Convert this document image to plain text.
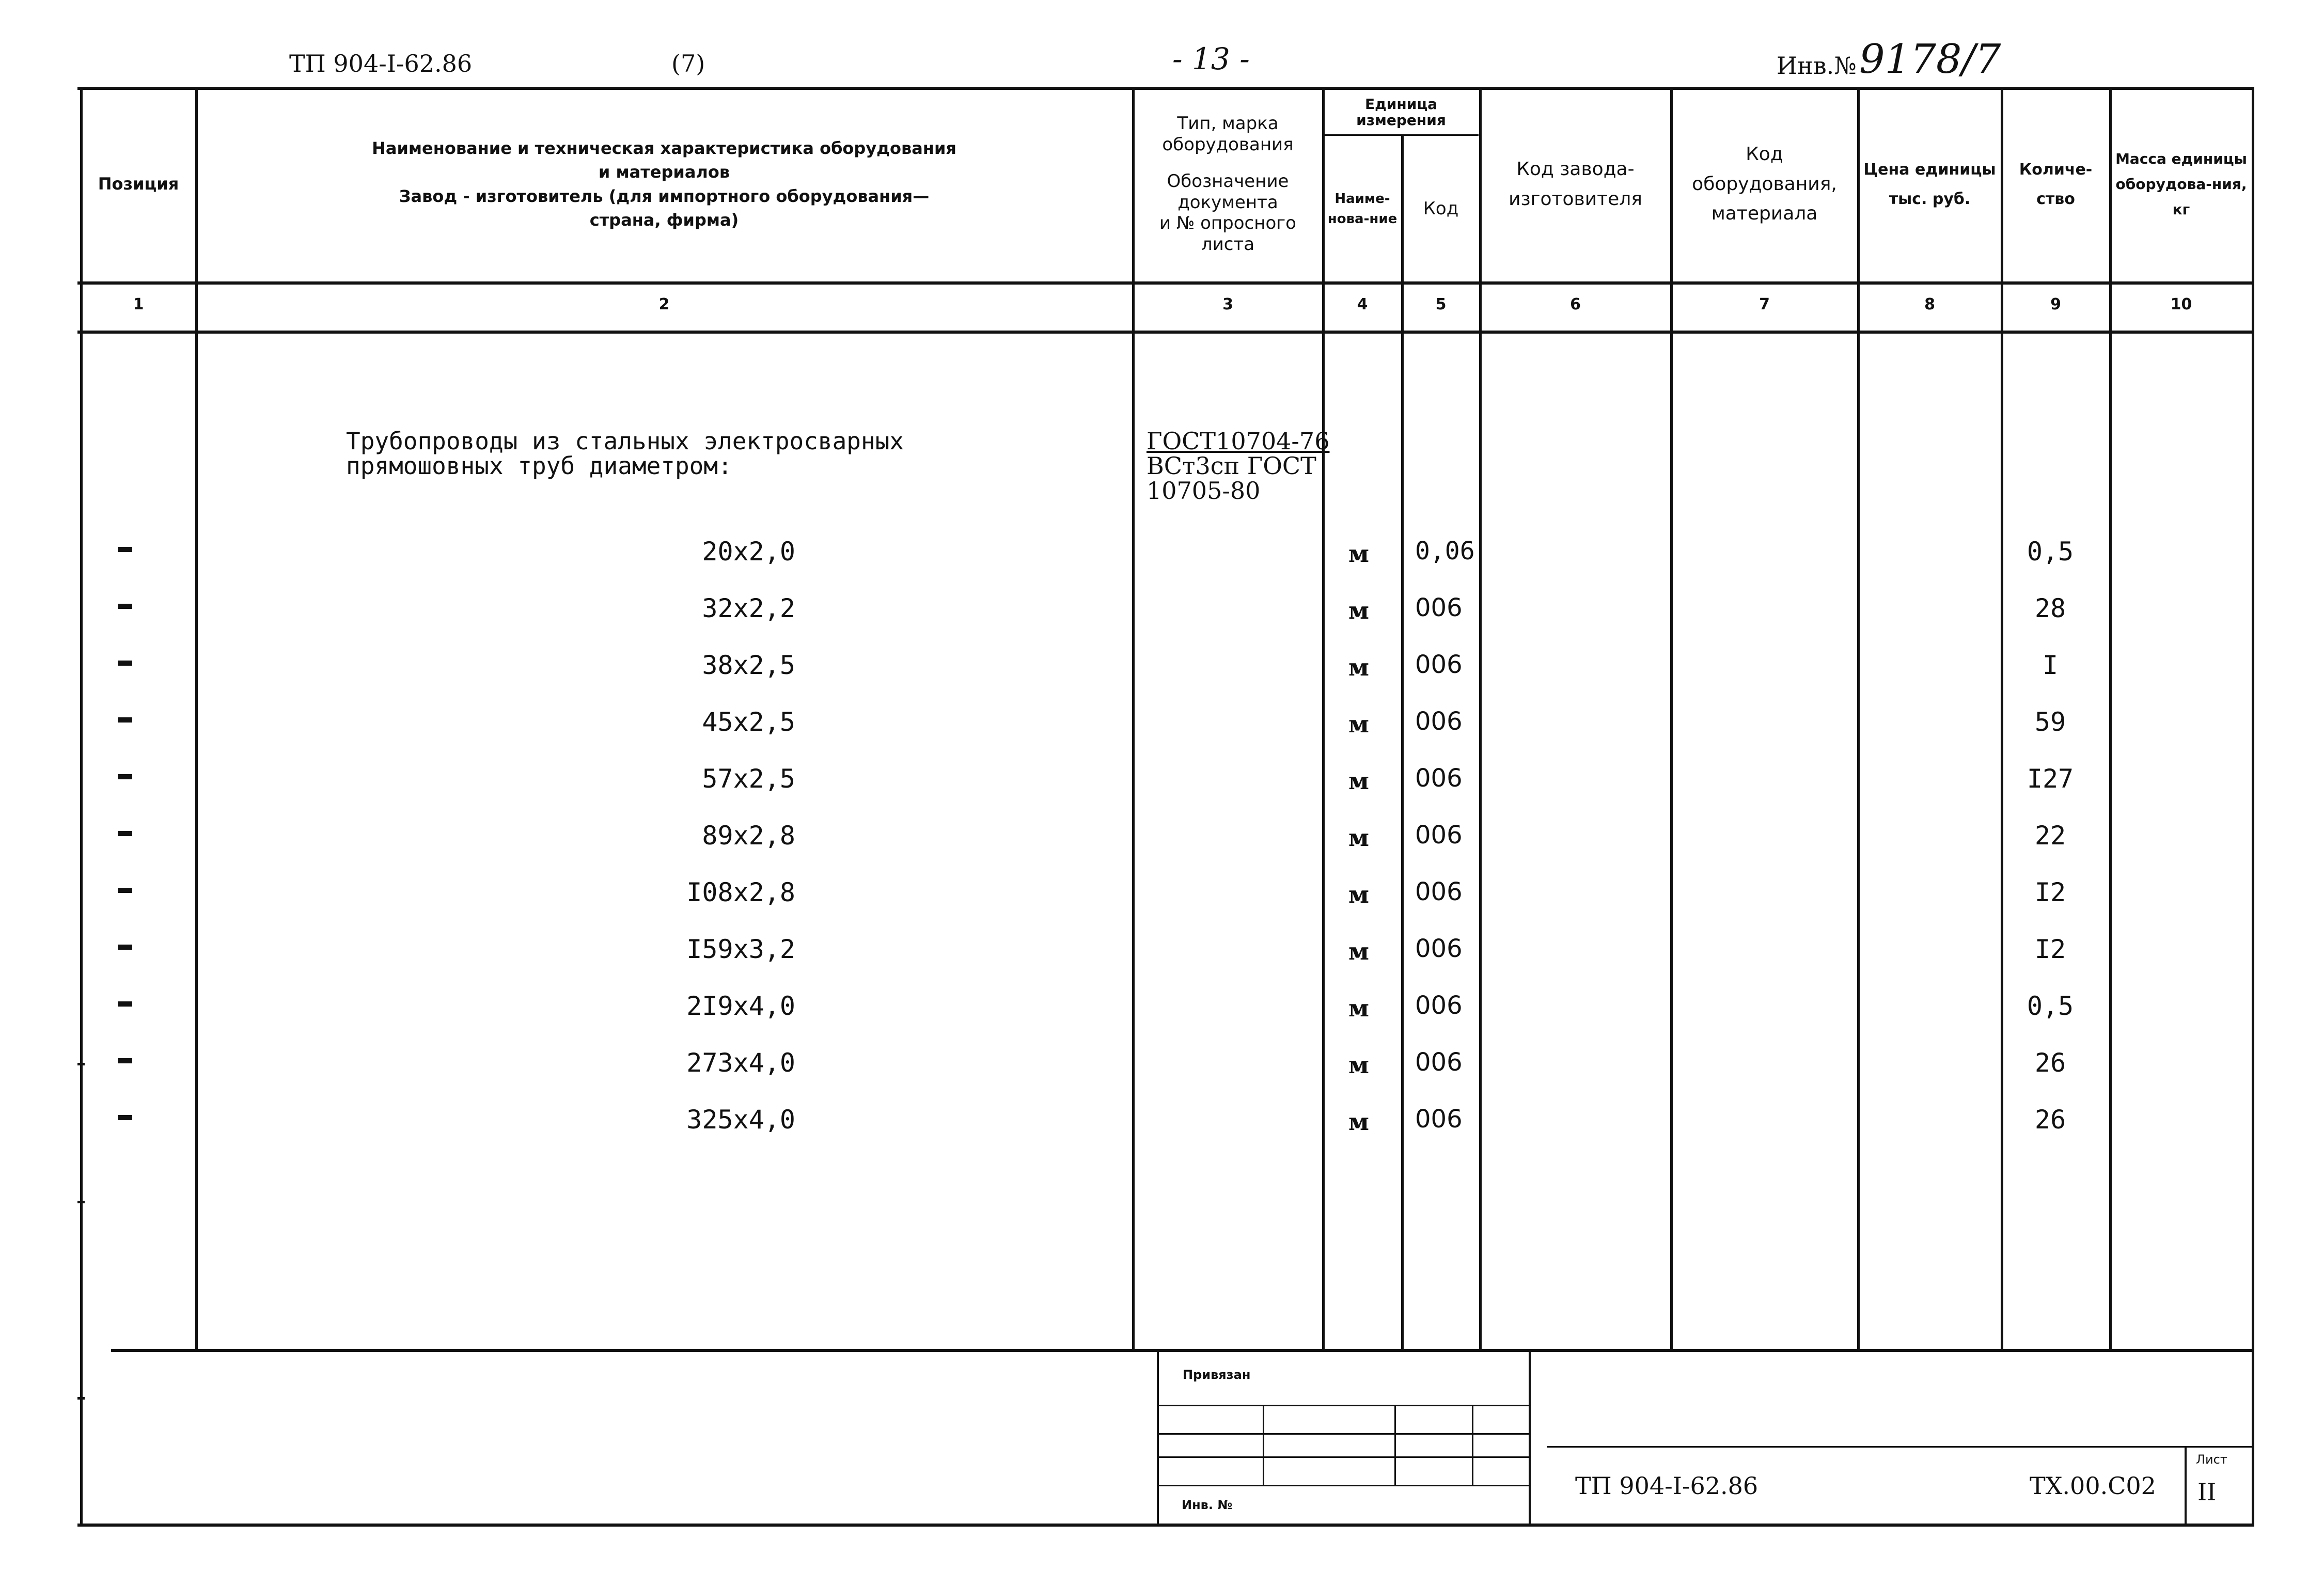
ТП 904-I-62.86	(7)	- 13 -	Инв.№ 9178/7
Позиция
Наименование и техническая характеристика оборудования
и материалов
Завод - изготовитель (для импортного оборудования—
страна, фирма)
Тип, марка
оборудования
Обозначение
документа
и № опросного
листа
Единица измерения
Наиме-нова-ние	Код
Код завода-изготовителя
Код оборудования, материала
Цена единицы тыс. руб.
Количе-ство
Масса единицы оборудова-ния, кг
1	2	3	4	5	6	7	8	9	10
Трубопроводы из стальных электросварных
прямошовных труб диаметром:
ГОСТ10704-76
ВСт3сп ГОСТ
10705-80
20х2,0	м	0,06	0,5
32х2,2	м	006	28
38х2,5	м	006	I
45х2,5	м	006	59
57х2,5	м	006	I27
89х2,8	м	006	22
I08х2,8	м	006	I2
I59х3,2	м	006	I2
2I9х4,0	м	006	0,5
273х4,0	м	006	26
325х4,0	м	006	26
Привязан
Инв. №
ТП 904-I-62.86	ТХ.00.С02
Лист
II
